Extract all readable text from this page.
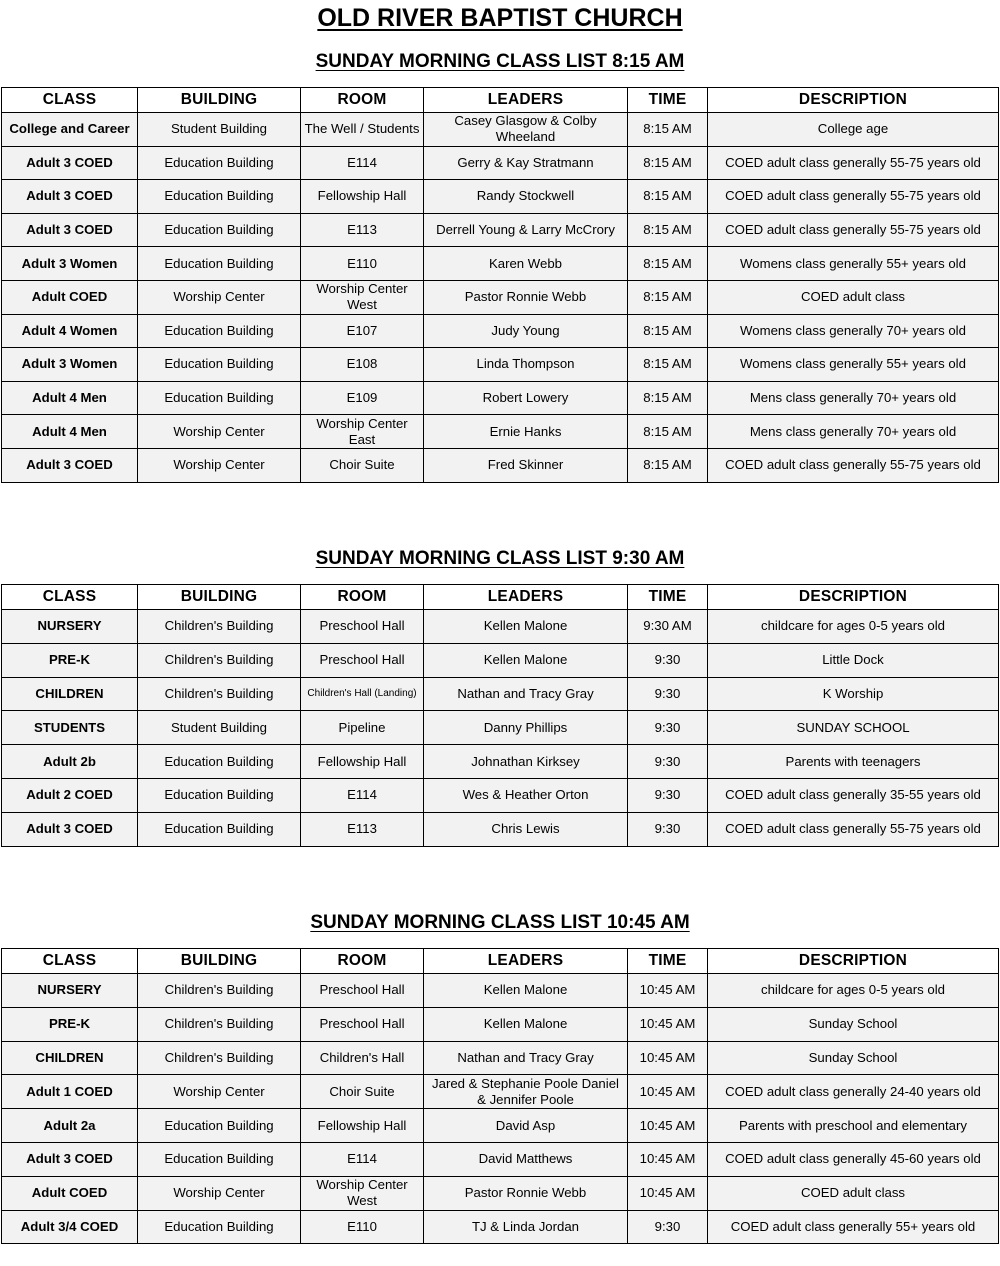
OLD RIVER BAPTIST CHURCH
SUNDAY MORNING CLASS LIST 8:15 AM
CLASS	BUILDING	ROOM	LEADERS	TIME	DESCRIPTION
College and Career	Student Building	The Well / Students	Casey Glasgow & Colby Wheeland	8:15 AM	College age
Adult 3 COED	Education Building	E114	Gerry & Kay Stratmann	8:15 AM	COED adult class generally 55-75 years old
Adult 3 COED	Education Building	Fellowship Hall	Randy Stockwell	8:15 AM	COED adult class generally 55-75 years old
Adult 3 COED	Education Building	E113	Derrell Young & Larry McCrory	8:15 AM	COED adult class generally 55-75 years old
Adult 3 Women	Education Building	E110	Karen Webb	8:15 AM	Womens class generally 55+ years old
Adult COED	Worship Center	Worship Center West	Pastor Ronnie Webb	8:15 AM	COED adult class
Adult 4 Women	Education Building	E107	Judy Young	8:15 AM	Womens class generally 70+ years old
Adult 3 Women	Education Building	E108	Linda Thompson	8:15 AM	Womens class generally 55+ years old
Adult 4 Men	Education Building	E109	Robert Lowery	8:15 AM	Mens class generally 70+ years old
Adult 4 Men	Worship Center	Worship Center East	Ernie Hanks	8:15 AM	Mens class generally 70+ years old
Adult 3 COED	Worship Center	Choir Suite	Fred Skinner	8:15 AM	COED adult class generally 55-75 years old
SUNDAY MORNING CLASS LIST 9:30 AM
CLASS	BUILDING	ROOM	LEADERS	TIME	DESCRIPTION
NURSERY	Children's Building	Preschool Hall	Kellen Malone	9:30 AM	childcare for ages 0-5 years old
PRE-K	Children's Building	Preschool Hall	Kellen Malone	9:30	Little Dock
CHILDREN	Children's Building	Children's Hall (Landing)	Nathan and Tracy Gray	9:30	K Worship
STUDENTS	Student Building	Pipeline	Danny Phillips	9:30	SUNDAY SCHOOL
Adult 2b	Education Building	Fellowship Hall	Johnathan Kirksey	9:30	Parents with teenagers
Adult 2 COED	Education Building	E114	Wes & Heather Orton	9:30	COED adult class generally 35-55 years old
Adult 3 COED	Education Building	E113	Chris Lewis	9:30	COED adult class generally 55-75 years old
SUNDAY MORNING CLASS LIST 10:45 AM
CLASS	BUILDING	ROOM	LEADERS	TIME	DESCRIPTION
NURSERY	Children's Building	Preschool Hall	Kellen Malone	10:45 AM	childcare for ages 0-5 years old
PRE-K	Children's Building	Preschool Hall	Kellen Malone	10:45 AM	Sunday School
CHILDREN	Children's Building	Children's Hall	Nathan and Tracy Gray	10:45 AM	Sunday School
Adult 1 COED	Worship Center	Choir Suite	Jared & Stephanie Poole Daniel & Jennifer Poole	10:45 AM	COED adult class generally 24-40 years old
Adult 2a	Education Building	Fellowship Hall	David Asp	10:45 AM	Parents with preschool and elementary
Adult 3 COED	Education Building	E114	David Matthews	10:45 AM	COED adult class generally 45-60 years old
Adult COED	Worship Center	Worship Center West	Pastor Ronnie Webb	10:45 AM	COED adult class
Adult 3/4 COED	Education Building	E110	TJ & Linda Jordan	9:30	COED adult class generally 55+ years old
